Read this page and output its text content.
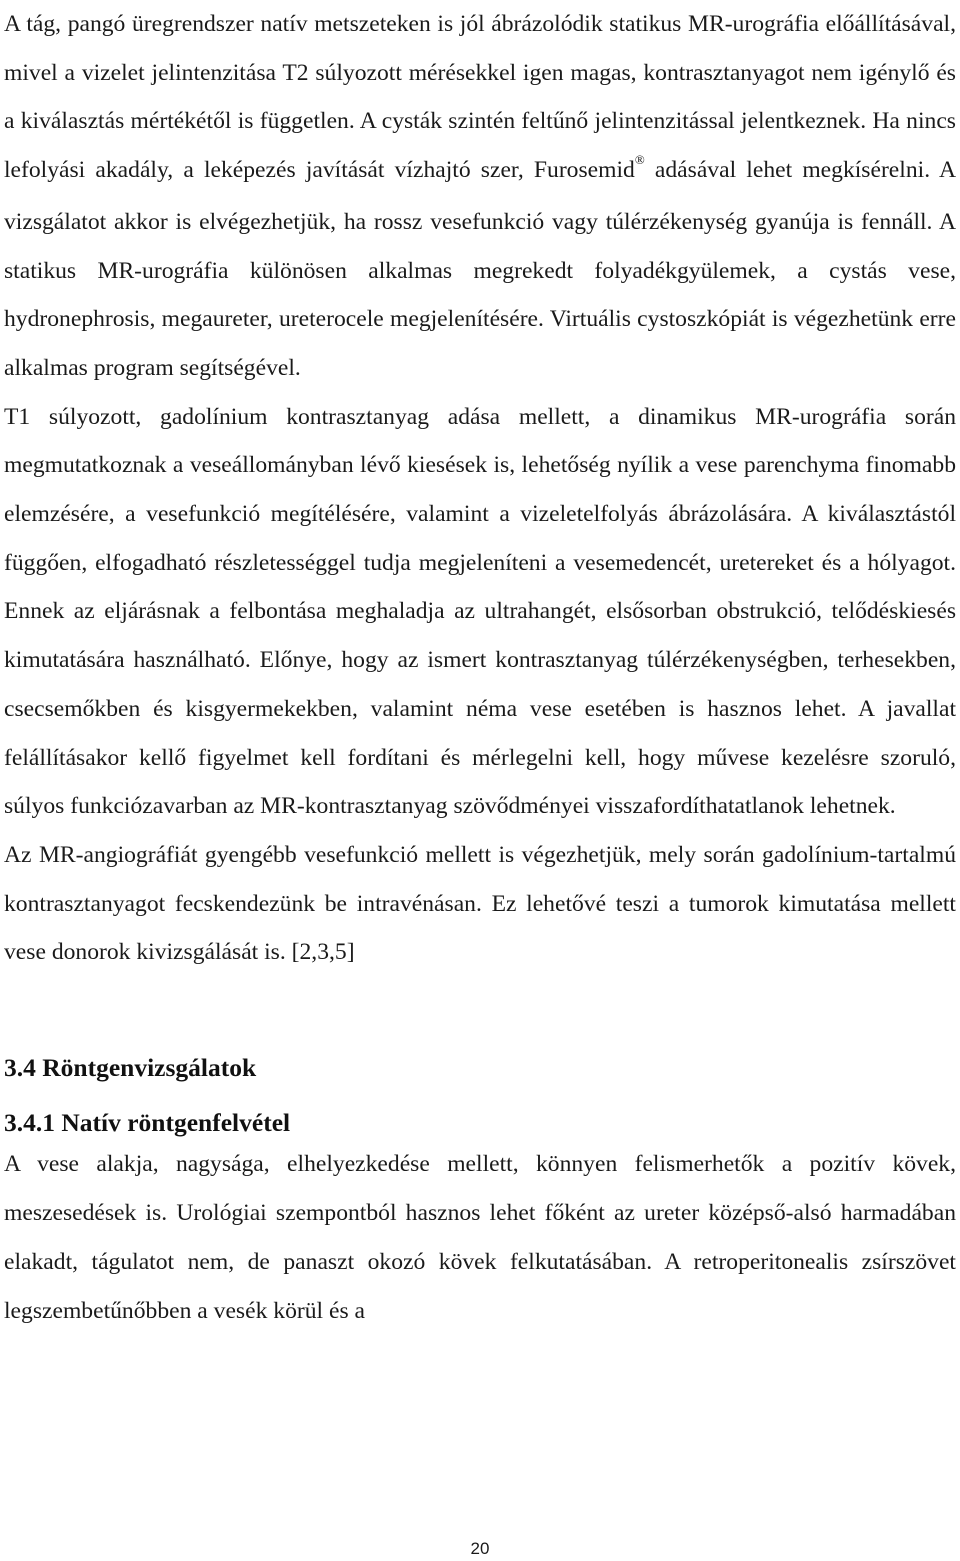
A tág, pangó üregrendszer natív metszeteken is jól ábrázolódik statikus MR-urográfia előállításával, mivel a vizelet jelintenzitása T2 súlyozott mérésekkel igen magas, kontrasztanyagot nem igénylő és a kiválasztás mértékétől is független. A cysták szintén feltűnő jelintenzitással jelentkeznek. Ha nincs lefolyási akadály, a leképezés javítását vízhajtó szer, Furosemid® adásával lehet megkísérelni. A vizsgálatot akkor is elvégezhetjük, ha rossz vesefunkció vagy túlérzékenység gyanúja is fennáll. A statikus MR-urográfia különösen alkalmas megrekedt folyadékgyülemek, a cystás vese, hydronephrosis, megaureter, ureterocele megjelenítésére. Virtuális cystoszkópiát is végezhetünk erre alkalmas program segítségével.

T1 súlyozott, gadolínium kontrasztanyag adása mellett, a dinamikus MR-urográfia során megmutatkoznak a veseállományban lévő kiesések is, lehetőség nyílik a vese parenchyma finomabb elemzésére, a vesefunkció megítélésére, valamint a vizeletelfolyás ábrázolására. A kiválasztástól függően, elfogadható részletességgel tudja megjeleníteni a vesemedencét, uretereket és a hólyagot. Ennek az eljárásnak a felbontása meghaladja az ultrahangét, elsősorban obstrukció, telődéskiesés kimutatására használható. Előnye, hogy az ismert kontrasztanyag túlérzékenységben, terhesekben, csecsemőkben és kisgyermekekben, valamint néma vese esetében is hasznos lehet. A javallat felállításakor kellő figyelmet kell fordítani és mérlegelni kell, hogy művese kezelésre szoruló, súlyos funkciózavarban az MR-kontrasztanyag szövődményei visszafordíthatatlanok lehetnek.

Az MR-angiográfiát gyengébb vesefunkció mellett is végezhetjük, mely során gadolínium-tartalmú kontrasztanyagot fecskendezünk be intravénásan. Ez lehetővé teszi a tumorok kimutatása mellett vese donorok kivizsgálását is. [2,3,5]

3.4 Röntgenvizsgálatok
3.4.1 Natív röntgenfelvétel

A vese alakja, nagysága, elhelyezkedése mellett, könnyen felismerhetők a pozitív kövek, meszesedések is. Urológiai szempontból hasznos lehet főként az ureter középső-alsó harmadában elakadt, tágulatot nem, de panaszt okozó kövek felkutatásában. A retroperitonealis zsírszövet legszembetűnőbben a vesék körül és a

20
